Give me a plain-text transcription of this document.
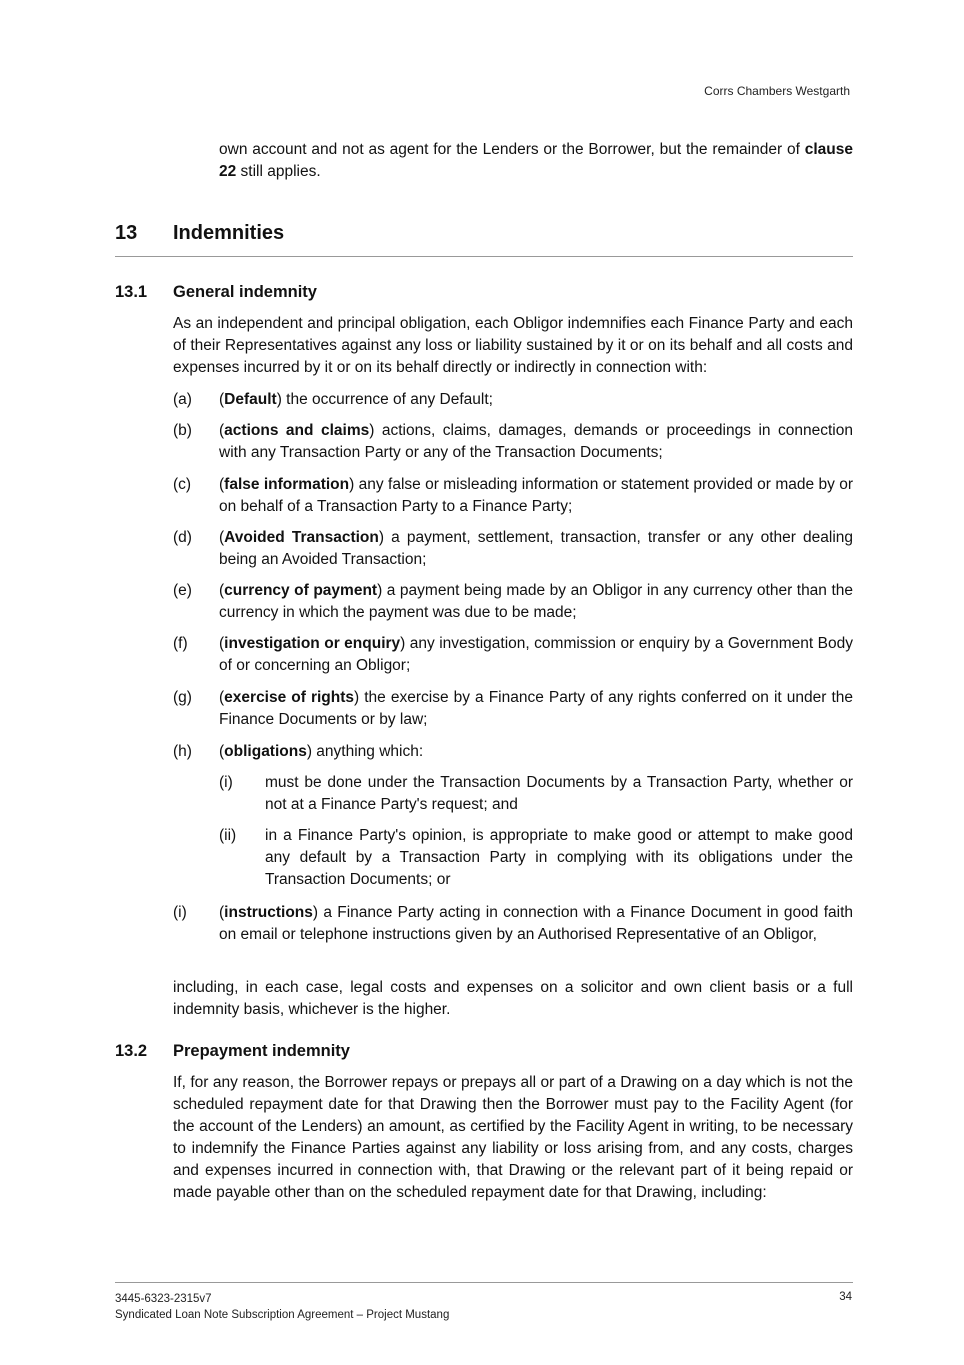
Corrs Chambers Westgarth

own account and not as agent for the Lenders or the Borrower, but the remainder of clause 22 still applies.

13 Indemnities
13.1 General indemnity

As an independent and principal obligation, each Obligor indemnifies each Finance Party and each of their Representatives against any loss or liability sustained by it or on its behalf and all costs and expenses incurred by it or on its behalf directly or indirectly in connection with:

(a) (Default) the occurrence of any Default;
(b) (actions and claims) actions, claims, damages, demands or proceedings in connection with any Transaction Party or any of the Transaction Documents;
(c) (false information) any false or misleading information or statement provided or made by or on behalf of a Transaction Party to a Finance Party;
(d) (Avoided Transaction) a payment, settlement, transaction, transfer or any other dealing being an Avoided Transaction;
(e) (currency of payment) a payment being made by an Obligor in any currency other than the currency in which the payment was due to be made;
(f) (investigation or enquiry) any investigation, commission or enquiry by a Government Body of or concerning an Obligor;
(g) (exercise of rights) the exercise by a Finance Party of any rights conferred on it under the Finance Documents or by law;
(h) (obligations) anything which:
(i) must be done under the Transaction Documents by a Transaction Party, whether or not at a Finance Party's request; and
(ii) in a Finance Party's opinion, is appropriate to make good or attempt to make good any default by a Transaction Party in complying with its obligations under the Transaction Documents; or
(i) (instructions) a Finance Party acting in connection with a Finance Document in good faith on email or telephone instructions given by an Authorised Representative of an Obligor,

including, in each case, legal costs and expenses on a solicitor and own client basis or a full indemnity basis, whichever is the higher.

13.2 Prepayment indemnity

If, for any reason, the Borrower repays or prepays all or part of a Drawing on a day which is not the scheduled repayment date for that Drawing then the Borrower must pay to the Facility Agent (for the account of the Lenders) an amount, as certified by the Facility Agent in writing, to be necessary to indemnify the Finance Parties against any liability or loss arising from, and any costs, charges and expenses incurred in connection with, that Drawing or the relevant part of it being repaid or made payable other than on the scheduled repayment date for that Drawing, including:

3445-6323-2315v7
Syndicated Loan Note Subscription Agreement – Project Mustang
34
